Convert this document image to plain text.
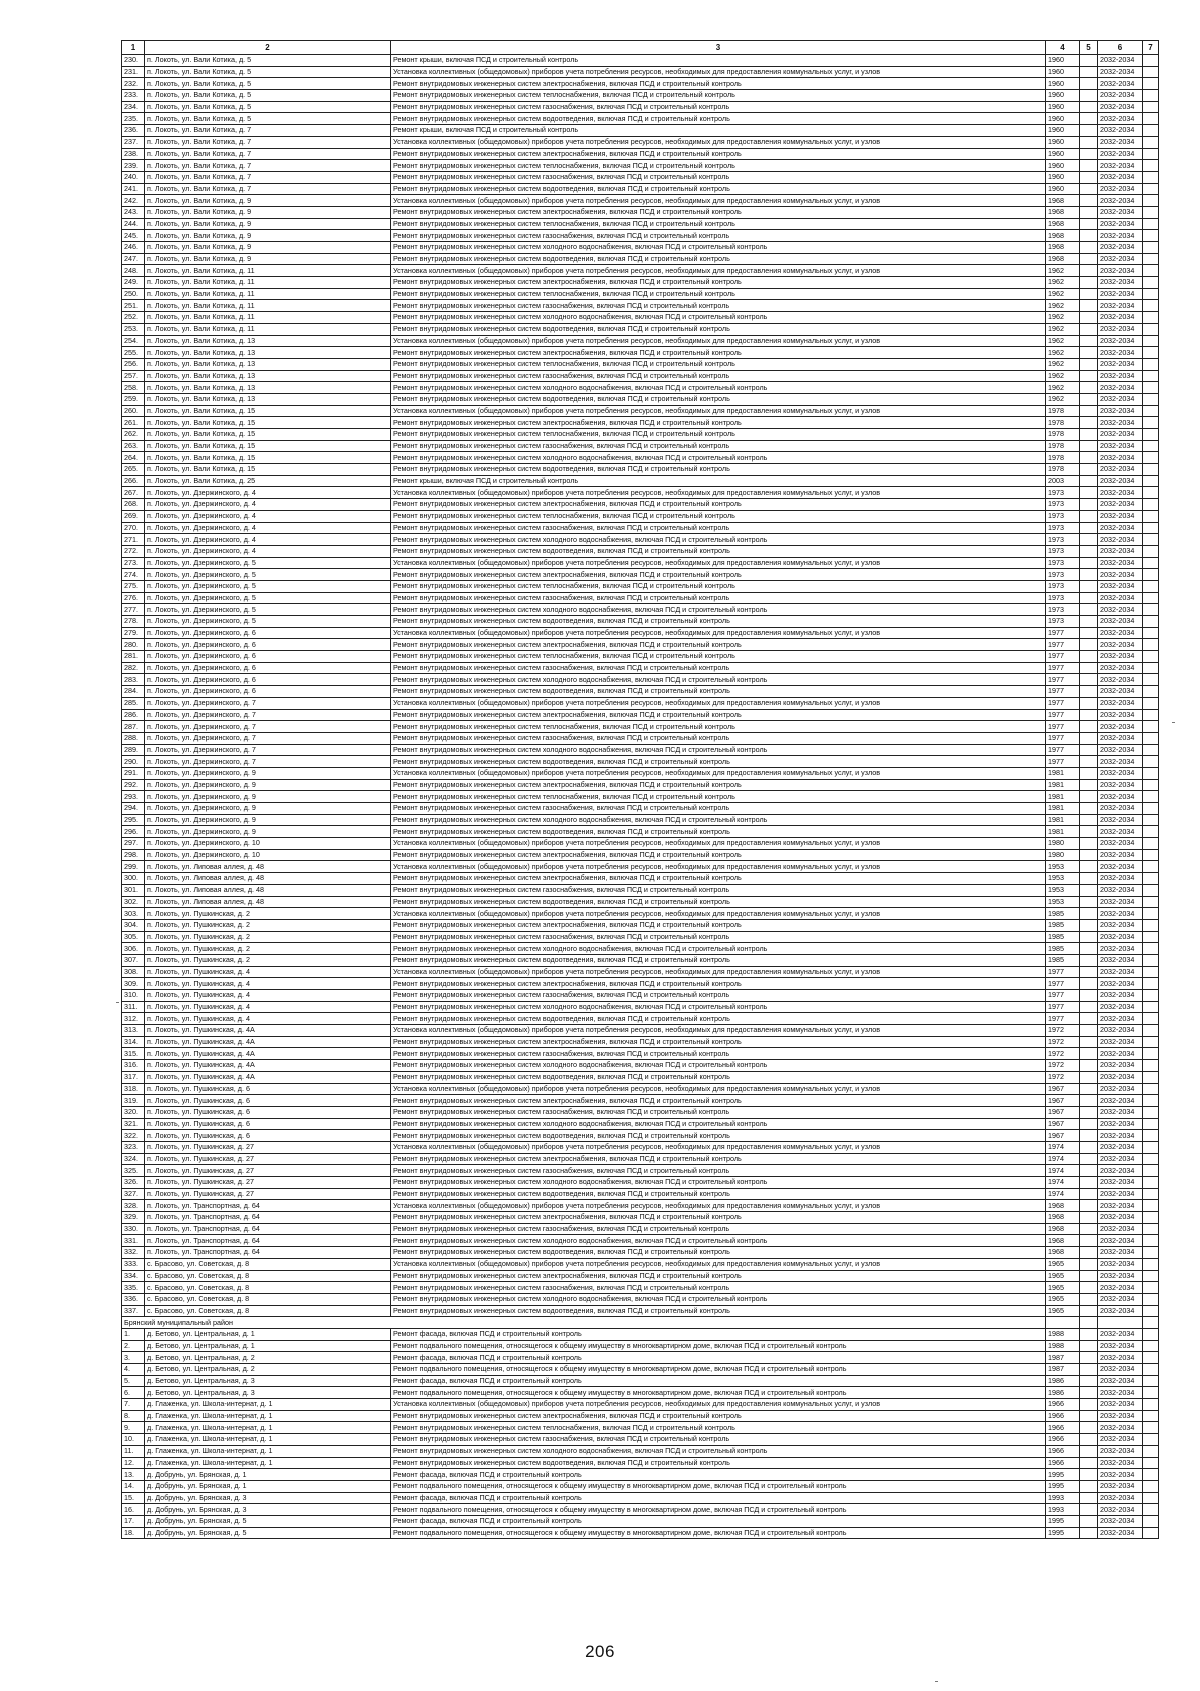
1	2	3	4	5	6	7
230.	п. Локоть, ул. Вали Котика, д. 5	Ремонт крыши, включая ПСД и строительный контроль	1960		2032-2034	
231.	п. Локоть, ул. Вали Котика, д. 5	Установка коллективных (общедомовых) приборов учета потребления ресурсов, необходимых для предоставления коммунальных услуг, и узлов	1960		2032-2034	
232.	п. Локоть, ул. Вали Котика, д. 5	Ремонт внутридомовых инженерных систем электроснабжения, включая ПСД и строительный контроль	1960		2032-2034	
233.	п. Локоть, ул. Вали Котика, д. 5	Ремонт внутридомовых инженерных систем теплоснабжения, включая ПСД и строительный контроль	1960		2032-2034	
234.	п. Локоть, ул. Вали Котика, д. 5	Ремонт внутридомовых инженерных систем газоснабжения, включая ПСД и строительный контроль	1960		2032-2034	
235.	п. Локоть, ул. Вали Котика, д. 5	Ремонт внутридомовых инженерных систем водоотведения, включая ПСД и строительный контроль	1960		2032-2034	
236.	п. Локоть, ул. Вали Котика, д. 7	Ремонт крыши, включая ПСД и строительный контроль	1960		2032-2034	
237.	п. Локоть, ул. Вали Котика, д. 7	Установка коллективных (общедомовых) приборов учета потребления ресурсов, необходимых для предоставления коммунальных услуг, и узлов	1960		2032-2034	
238.	п. Локоть, ул. Вали Котика, д. 7	Ремонт внутридомовых инженерных систем электроснабжения, включая ПСД и строительный контроль	1960		2032-2034	
239.	п. Локоть, ул. Вали Котика, д. 7	Ремонт внутридомовых инженерных систем теплоснабжения, включая ПСД и строительный контроль	1960		2032-2034	
240.	п. Локоть, ул. Вали Котика, д. 7	Ремонт внутридомовых инженерных систем газоснабжения, включая ПСД и строительный контроль	1960		2032-2034	
241.	п. Локоть, ул. Вали Котика, д. 7	Ремонт внутридомовых инженерных систем водоотведения, включая ПСД и строительный контроль	1960		2032-2034	
242.	п. Локоть, ул. Вали Котика, д. 9	Установка коллективных (общедомовых) приборов учета потребления ресурсов, необходимых для предоставления коммунальных услуг, и узлов	1968		2032-2034	
243.	п. Локоть, ул. Вали Котика, д. 9	Ремонт внутридомовых инженерных систем электроснабжения, включая ПСД и строительный контроль	1968		2032-2034	
244.	п. Локоть, ул. Вали Котика, д. 9	Ремонт внутридомовых инженерных систем теплоснабжения, включая ПСД и строительный контроль	1968		2032-2034	
245.	п. Локоть, ул. Вали Котика, д. 9	Ремонт внутридомовых инженерных систем газоснабжения, включая ПСД и строительный контроль	1968		2032-2034	
246.	п. Локоть, ул. Вали Котика, д. 9	Ремонт внутридомовых инженерных систем холодного водоснабжения, включая ПСД и строительный контроль	1968		2032-2034	
247.	п. Локоть, ул. Вали Котика, д. 9	Ремонт внутридомовых инженерных систем водоотведения, включая ПСД и строительный контроль	1968		2032-2034	
248.	п. Локоть, ул. Вали Котика, д. 11	Установка коллективных (общедомовых) приборов учета потребления ресурсов, необходимых для предоставления коммунальных услуг, и узлов	1962		2032-2034	
249.	п. Локоть, ул. Вали Котика, д. 11	Ремонт внутридомовых инженерных систем электроснабжения, включая ПСД и строительный контроль	1962		2032-2034	
250.	п. Локоть, ул. Вали Котика, д. 11	Ремонт внутридомовых инженерных систем теплоснабжения, включая ПСД и строительный контроль	1962		2032-2034	
251.	п. Локоть, ул. Вали Котика, д. 11	Ремонт внутридомовых инженерных систем газоснабжения, включая ПСД и строительный контроль	1962		2032-2034	
252.	п. Локоть, ул. Вали Котика, д. 11	Ремонт внутридомовых инженерных систем холодного водоснабжения, включая ПСД и строительный контроль	1962		2032-2034	
253.	п. Локоть, ул. Вали Котика, д. 11	Ремонт внутридомовых инженерных систем водоотведения, включая ПСД и строительный контроль	1962		2032-2034	
254.	п. Локоть, ул. Вали Котика, д. 13	Установка коллективных (общедомовых) приборов учета потребления ресурсов, необходимых для предоставления коммунальных услуг, и узлов	1962		2032-2034	
255.	п. Локоть, ул. Вали Котика, д. 13	Ремонт внутридомовых инженерных систем электроснабжения, включая ПСД и строительный контроль	1962		2032-2034	
256.	п. Локоть, ул. Вали Котика, д. 13	Ремонт внутридомовых инженерных систем теплоснабжения, включая ПСД и строительный контроль	1962		2032-2034	
257.	п. Локоть, ул. Вали Котика, д. 13	Ремонт внутридомовых инженерных систем газоснабжения, включая ПСД и строительный контроль	1962		2032-2034	
258.	п. Локоть, ул. Вали Котика, д. 13	Ремонт внутридомовых инженерных систем холодного водоснабжения, включая ПСД и строительный контроль	1962		2032-2034	
259.	п. Локоть, ул. Вали Котика, д. 13	Ремонт внутридомовых инженерных систем водоотведения, включая ПСД и строительный контроль	1962		2032-2034	
260.	п. Локоть, ул. Вали Котика, д. 15	Установка коллективных (общедомовых) приборов учета потребления ресурсов, необходимых для предоставления коммунальных услуг, и узлов	1978		2032-2034	
261.	п. Локоть, ул. Вали Котика, д. 15	Ремонт внутридомовых инженерных систем электроснабжения, включая ПСД и строительный контроль	1978		2032-2034	
262.	п. Локоть, ул. Вали Котика, д. 15	Ремонт внутридомовых инженерных систем теплоснабжения, включая ПСД и строительный контроль	1978		2032-2034	
263.	п. Локоть, ул. Вали Котика, д. 15	Ремонт внутридомовых инженерных систем газоснабжения, включая ПСД и строительный контроль	1978		2032-2034	
264.	п. Локоть, ул. Вали Котика, д. 15	Ремонт внутридомовых инженерных систем холодного водоснабжения, включая ПСД и строительный контроль	1978		2032-2034	
265.	п. Локоть, ул. Вали Котика, д. 15	Ремонт внутридомовых инженерных систем водоотведения, включая ПСД и строительный контроль	1978		2032-2034	
266.	п. Локоть, ул. Вали Котика, д. 25	Ремонт крыши, включая ПСД и строительный контроль	2003		2032-2034	
267.	п. Локоть, ул. Дзержинского, д. 4	Установка коллективных (общедомовых) приборов учета потребления ресурсов, необходимых для предоставления коммунальных услуг, и узлов	1973		2032-2034	
268.	п. Локоть, ул. Дзержинского, д. 4	Ремонт внутридомовых инженерных систем электроснабжения, включая ПСД и строительный контроль	1973		2032-2034	
269.	п. Локоть, ул. Дзержинского, д. 4	Ремонт внутридомовых инженерных систем теплоснабжения, включая ПСД и строительный контроль	1973		2032-2034	
270.	п. Локоть, ул. Дзержинского, д. 4	Ремонт внутридомовых инженерных систем газоснабжения, включая ПСД и строительный контроль	1973		2032-2034	
271.	п. Локоть, ул. Дзержинского, д. 4	Ремонт внутридомовых инженерных систем холодного водоснабжения, включая ПСД и строительный контроль	1973		2032-2034	
272.	п. Локоть, ул. Дзержинского, д. 4	Ремонт внутридомовых инженерных систем водоотведения, включая ПСД и строительный контроль	1973		2032-2034	
273.	п. Локоть, ул. Дзержинского, д. 5	Установка коллективных (общедомовых) приборов учета потребления ресурсов, необходимых для предоставления коммунальных услуг, и узлов	1973		2032-2034	
274.	п. Локоть, ул. Дзержинского, д. 5	Ремонт внутридомовых инженерных систем электроснабжения, включая ПСД и строительный контроль	1973		2032-2034	
275.	п. Локоть, ул. Дзержинского, д. 5	Ремонт внутридомовых инженерных систем теплоснабжения, включая ПСД и строительный контроль	1973		2032-2034	
276.	п. Локоть, ул. Дзержинского, д. 5	Ремонт внутридомовых инженерных систем газоснабжения, включая ПСД и строительный контроль	1973		2032-2034	
277.	п. Локоть, ул. Дзержинского, д. 5	Ремонт внутридомовых инженерных систем холодного водоснабжения, включая ПСД и строительный контроль	1973		2032-2034	
278.	п. Локоть, ул. Дзержинского, д. 5	Ремонт внутридомовых инженерных систем водоотведения, включая ПСД и строительный контроль	1973		2032-2034	
279.	п. Локоть, ул. Дзержинского, д. 6	Установка коллективных (общедомовых) приборов учета потребления ресурсов, необходимых для предоставления коммунальных услуг, и узлов	1977		2032-2034	
280.	п. Локоть, ул. Дзержинского, д. 6	Ремонт внутридомовых инженерных систем электроснабжения, включая ПСД и строительный контроль	1977		2032-2034	
281.	п. Локоть, ул. Дзержинского, д. 6	Ремонт внутридомовых инженерных систем теплоснабжения, включая ПСД и строительный контроль	1977		2032-2034	
282.	п. Локоть, ул. Дзержинского, д. 6	Ремонт внутридомовых инженерных систем газоснабжения, включая ПСД и строительный контроль	1977		2032-2034	
283.	п. Локоть, ул. Дзержинского, д. 6	Ремонт внутридомовых инженерных систем холодного водоснабжения, включая ПСД и строительный контроль	1977		2032-2034	
284.	п. Локоть, ул. Дзержинского, д. 6	Ремонт внутридомовых инженерных систем водоотведения, включая ПСД и строительный контроль	1977		2032-2034	
285.	п. Локоть, ул. Дзержинского, д. 7	Установка коллективных (общедомовых) приборов учета потребления ресурсов, необходимых для предоставления коммунальных услуг, и узлов	1977		2032-2034	
286.	п. Локоть, ул. Дзержинского, д. 7	Ремонт внутридомовых инженерных систем электроснабжения, включая ПСД и строительный контроль	1977		2032-2034	
287.	п. Локоть, ул. Дзержинского, д. 7	Ремонт внутридомовых инженерных систем теплоснабжения, включая ПСД и строительный контроль	1977		2032-2034	
288.	п. Локоть, ул. Дзержинского, д. 7	Ремонт внутридомовых инженерных систем газоснабжения, включая ПСД и строительный контроль	1977		2032-2034	
289.	п. Локоть, ул. Дзержинского, д. 7	Ремонт внутридомовых инженерных систем холодного водоснабжения, включая ПСД и строительный контроль	1977		2032-2034	
290.	п. Локоть, ул. Дзержинского, д. 7	Ремонт внутридомовых инженерных систем водоотведения, включая ПСД и строительный контроль	1977		2032-2034	
291.	п. Локоть, ул. Дзержинского, д. 9	Установка коллективных (общедомовых) приборов учета потребления ресурсов, необходимых для предоставления коммунальных услуг, и узлов	1981		2032-2034	
292.	п. Локоть, ул. Дзержинского, д. 9	Ремонт внутридомовых инженерных систем электроснабжения, включая ПСД и строительный контроль	1981		2032-2034	
293.	п. Локоть, ул. Дзержинского, д. 9	Ремонт внутридомовых инженерных систем теплоснабжения, включая ПСД и строительный контроль	1981		2032-2034	
294.	п. Локоть, ул. Дзержинского, д. 9	Ремонт внутридомовых инженерных систем газоснабжения, включая ПСД и строительный контроль	1981		2032-2034	
295.	п. Локоть, ул. Дзержинского, д. 9	Ремонт внутридомовых инженерных систем холодного водоснабжения, включая ПСД и строительный контроль	1981		2032-2034	
296.	п. Локоть, ул. Дзержинского, д. 9	Ремонт внутридомовых инженерных систем водоотведения, включая ПСД и строительный контроль	1981		2032-2034	
297.	п. Локоть, ул. Дзержинского, д. 10	Установка коллективных (общедомовых) приборов учета потребления ресурсов, необходимых для предоставления коммунальных услуг, и узлов	1980		2032-2034	
298.	п. Локоть, ул. Дзержинского, д. 10	Ремонт внутридомовых инженерных систем электроснабжения, включая ПСД и строительный контроль	1980		2032-2034	
299.	п. Локоть, ул. Липовая аллея, д. 48	Установка коллективных (общедомовых) приборов учета потребления ресурсов, необходимых для предоставления коммунальных услуг, и узлов	1953		2032-2034	
300.	п. Локоть, ул. Липовая аллея, д. 48	Ремонт внутридомовых инженерных систем электроснабжения, включая ПСД и строительный контроль	1953		2032-2034	
301.	п. Локоть, ул. Липовая аллея, д. 48	Ремонт внутридомовых инженерных систем газоснабжения, включая ПСД и строительный контроль	1953		2032-2034	
302.	п. Локоть, ул. Липовая аллея, д. 48	Ремонт внутридомовых инженерных систем водоотведения, включая ПСД и строительный контроль	1953		2032-2034	
303.	п. Локоть, ул. Пушкинская, д. 2	Установка коллективных (общедомовых) приборов учета потребления ресурсов, необходимых для предоставления коммунальных услуг, и узлов	1985		2032-2034	
304.	п. Локоть, ул. Пушкинская, д. 2	Ремонт внутридомовых инженерных систем электроснабжения, включая ПСД и строительный контроль	1985		2032-2034	
305.	п. Локоть, ул. Пушкинская, д. 2	Ремонт внутридомовых инженерных систем газоснабжения, включая ПСД и строительный контроль	1985		2032-2034	
306.	п. Локоть, ул. Пушкинская, д. 2	Ремонт внутридомовых инженерных систем холодного водоснабжения, включая ПСД и строительный контроль	1985		2032-2034	
307.	п. Локоть, ул. Пушкинская, д. 2	Ремонт внутридомовых инженерных систем водоотведения, включая ПСД и строительный контроль	1985		2032-2034	
308.	п. Локоть, ул. Пушкинская, д. 4	Установка коллективных (общедомовых) приборов учета потребления ресурсов, необходимых для предоставления коммунальных услуг, и узлов	1977		2032-2034	
309.	п. Локоть, ул. Пушкинская, д. 4	Ремонт внутридомовых инженерных систем электроснабжения, включая ПСД и строительный контроль	1977		2032-2034	
310.	п. Локоть, ул. Пушкинская, д. 4	Ремонт внутридомовых инженерных систем газоснабжения, включая ПСД и строительный контроль	1977		2032-2034	
311.	п. Локоть, ул. Пушкинская, д. 4	Ремонт внутридомовых инженерных систем холодного водоснабжения, включая ПСД и строительный контроль	1977		2032-2034	
312.	п. Локоть, ул. Пушкинская, д. 4	Ремонт внутридомовых инженерных систем водоотведения, включая ПСД и строительный контроль	1977		2032-2034	
313.	п. Локоть, ул. Пушкинская, д. 4А	Установка коллективных (общедомовых) приборов учета потребления ресурсов, необходимых для предоставления коммунальных услуг, и узлов	1972		2032-2034	
314.	п. Локоть, ул. Пушкинская, д. 4А	Ремонт внутридомовых инженерных систем электроснабжения, включая ПСД и строительный контроль	1972		2032-2034	
315.	п. Локоть, ул. Пушкинская, д. 4А	Ремонт внутридомовых инженерных систем газоснабжения, включая ПСД и строительный контроль	1972		2032-2034	
316.	п. Локоть, ул. Пушкинская, д. 4А	Ремонт внутридомовых инженерных систем холодного водоснабжения, включая ПСД и строительный контроль	1972		2032-2034	
317.	п. Локоть, ул. Пушкинская, д. 4А	Ремонт внутридомовых инженерных систем водоотведения, включая ПСД и строительный контроль	1972		2032-2034	
318.	п. Локоть, ул. Пушкинская, д. 6	Установка коллективных (общедомовых) приборов учета потребления ресурсов, необходимых для предоставления коммунальных услуг, и узлов	1967		2032-2034	
319.	п. Локоть, ул. Пушкинская, д. 6	Ремонт внутридомовых инженерных систем электроснабжения, включая ПСД и строительный контроль	1967		2032-2034	
320.	п. Локоть, ул. Пушкинская, д. 6	Ремонт внутридомовых инженерных систем газоснабжения, включая ПСД и строительный контроль	1967		2032-2034	
321.	п. Локоть, ул. Пушкинская, д. 6	Ремонт внутридомовых инженерных систем холодного водоснабжения, включая ПСД и строительный контроль	1967		2032-2034	
322.	п. Локоть, ул. Пушкинская, д. 6	Ремонт внутридомовых инженерных систем водоотведения, включая ПСД и строительный контроль	1967		2032-2034	
323.	п. Локоть, ул. Пушкинская, д. 27	Установка коллективных (общедомовых) приборов учета потребления ресурсов, необходимых для предоставления коммунальных услуг, и узлов	1974		2032-2034	
324.	п. Локоть, ул. Пушкинская, д. 27	Ремонт внутридомовых инженерных систем электроснабжения, включая ПСД и строительный контроль	1974		2032-2034	
325.	п. Локоть, ул. Пушкинская, д. 27	Ремонт внутридомовых инженерных систем газоснабжения, включая ПСД и строительный контроль	1974		2032-2034	
326.	п. Локоть, ул. Пушкинская, д. 27	Ремонт внутридомовых инженерных систем холодного водоснабжения, включая ПСД и строительный контроль	1974		2032-2034	
327.	п. Локоть, ул. Пушкинская, д. 27	Ремонт внутридомовых инженерных систем водоотведения, включая ПСД и строительный контроль	1974		2032-2034	
328.	п. Локоть, ул. Транспортная, д. 64	Установка коллективных (общедомовых) приборов учета потребления ресурсов, необходимых для предоставления коммунальных услуг, и узлов	1968		2032-2034	
329.	п. Локоть, ул. Транспортная, д. 64	Ремонт внутридомовых инженерных систем электроснабжения, включая ПСД и строительный контроль	1968		2032-2034	
330.	п. Локоть, ул. Транспортная, д. 64	Ремонт внутридомовых инженерных систем газоснабжения, включая ПСД и строительный контроль	1968		2032-2034	
331.	п. Локоть, ул. Транспортная, д. 64	Ремонт внутридомовых инженерных систем холодного водоснабжения, включая ПСД и строительный контроль	1968		2032-2034	
332.	п. Локоть, ул. Транспортная, д. 64	Ремонт внутридомовых инженерных систем водоотведения, включая ПСД и строительный контроль	1968		2032-2034	
333.	с. Брасово, ул. Советская, д. 8	Установка коллективных (общедомовых) приборов учета потребления ресурсов, необходимых для предоставления коммунальных услуг, и узлов	1965		2032-2034	
334.	с. Брасово, ул. Советская, д. 8	Ремонт внутридомовых инженерных систем электроснабжения, включая ПСД и строительный контроль	1965		2032-2034	
335.	с. Брасово, ул. Советская, д. 8	Ремонт внутридомовых инженерных систем газоснабжения, включая ПСД и строительный контроль	1965		2032-2034	
336.	с. Брасово, ул. Советская, д. 8	Ремонт внутридомовых инженерных систем холодного водоснабжения, включая ПСД и строительный контроль	1965		2032-2034	
337.	с. Брасово, ул. Советская, д. 8	Ремонт внутридомовых инженерных систем водоотведения, включая ПСД и строительный контроль	1965		2032-2034	
Брянский муниципальный район						
1.	д. Бетово, ул. Центральная, д. 1	Ремонт фасада, включая ПСД и строительный контроль	1988		2032-2034	
2.	д. Бетово, ул. Центральная, д. 1	Ремонт подвального помещения, относящегося к общему имуществу в многоквартирном доме, включая ПСД и строительный контроль	1988		2032-2034	
3.	д. Бетово, ул. Центральная, д. 2	Ремонт фасада, включая ПСД и строительный контроль	1987		2032-2034	
4.	д. Бетово, ул. Центральная, д. 2	Ремонт подвального помещения, относящегося к общему имуществу в многоквартирном доме, включая ПСД и строительный контроль	1987		2032-2034	
5.	д. Бетово, ул. Центральная, д. 3	Ремонт фасада, включая ПСД и строительный контроль	1986		2032-2034	
6.	д. Бетово, ул. Центральная, д. 3	Ремонт подвального помещения, относящегося к общему имуществу в многоквартирном доме, включая ПСД и строительный контроль	1986		2032-2034	
7.	д. Глаженка, ул. Школа-интернат, д. 1	Установка коллективных (общедомовых) приборов учета потребления ресурсов, необходимых для предоставления коммунальных услуг, и узлов	1966		2032-2034	
8.	д. Глаженка, ул. Школа-интернат, д. 1	Ремонт внутридомовых инженерных систем электроснабжения, включая ПСД и строительный контроль	1966		2032-2034	
9.	д. Глаженка, ул. Школа-интернат, д. 1	Ремонт внутридомовых инженерных систем теплоснабжения, включая ПСД и строительный контроль	1966		2032-2034	
10.	д. Глаженка, ул. Школа-интернат, д. 1	Ремонт внутридомовых инженерных систем газоснабжения, включая ПСД и строительный контроль	1966		2032-2034	
11.	д. Глаженка, ул. Школа-интернат, д. 1	Ремонт внутридомовых инженерных систем холодного водоснабжения, включая ПСД и строительный контроль	1966		2032-2034	
12.	д. Глаженка, ул. Школа-интернат, д. 1	Ремонт внутридомовых инженерных систем водоотведения, включая ПСД и строительный контроль	1966		2032-2034	
13.	д. Добрунь, ул. Брянская, д. 1	Ремонт фасада, включая ПСД и строительный контроль	1995		2032-2034	
14.	д. Добрунь, ул. Брянская, д. 1	Ремонт подвального помещения, относящегося к общему имуществу в многоквартирном доме, включая ПСД и строительный контроль	1995		2032-2034	
15.	д. Добрунь, ул. Брянская, д. 3	Ремонт фасада, включая ПСД и строительный контроль	1993		2032-2034	
16.	д. Добрунь, ул. Брянская, д. 3	Ремонт подвального помещения, относящегося к общему имуществу в многоквартирном доме, включая ПСД и строительный контроль	1993		2032-2034	
17.	д. Добрунь, ул. Брянская, д. 5	Ремонт фасада, включая ПСД и строительный контроль	1995		2032-2034	
18.	д. Добрунь, ул. Брянская, д. 5	Ремонт подвального помещения, относящегося к общему имуществу в многоквартирном доме, включая ПСД и строительный контроль	1995		2032-2034	
206
